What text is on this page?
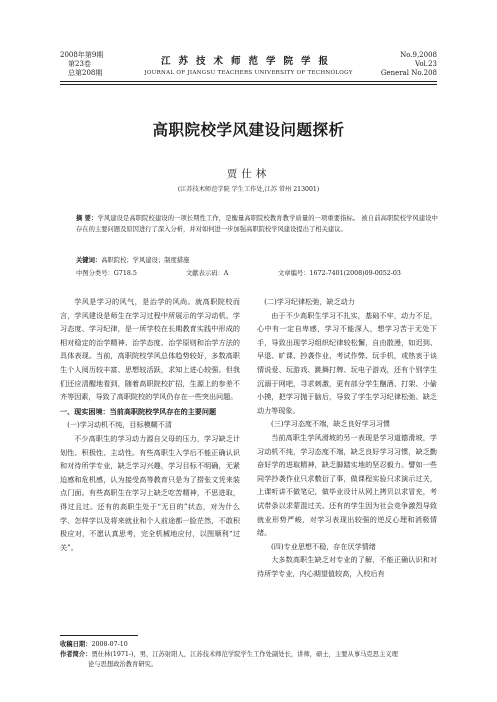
2008年第9期
第23卷
总第208期
江苏技术师范学院学报
JOURNAL OF JIANGSU TEACHERS UNIVERSITY OF TECHNOLOGY
No.9,2008
Vol.23
General No.208
高职院校学风建设问题探析
贾仕林
(江苏技术师范学院 学生工作处,江苏 常州 213001)
摘 要：学风建设是高职院校建设的一项长期性工作，是衡量高职院校教育教学质量的一项重要指标。 被自前高职院校学风建设中存在的主要问题及原因进行了深入分析，并对如何进一步加强高职院校学风建设提出了相关建议。
关键词：高职院校；学风建设；制度措施
中图分类号：G718.5	文献表示码：A	文章编号：1672-7401(2008)09-0052-03

学风是学习的风气，是治学的风尚。就高职院校而言，学风建设是师生在学习过程中所展示的学习动机、学习态度、学习纪律，是一所学校在长期教育实践中形成的相对稳定的治学精神、治学态度、治学原则和治学方法的具体表现。当前，高职院校学风总体趋势较好，多数高职生个人阅历较丰富、思想较活跃，求知上进心较强。但我们还应清醒地看到，随着高职院校扩招，生源上的参差不齐等因素，导致了高职院校的学风仍存在一些突出问题。

一、现实困境：当前高职院校学风存在的主要问题
(一)学习动机不纯，目标模糊不清

不少高职生的学习动力源自父母的压力，学习缺乏计划性、积极性、主动性。有些高职生入学后不能正确认识和对待所学专业，缺乏学习兴趣，学习目标不明确，无紧迫感和危机感，认为接受高等教育只是为了捞张文凭来装点门面。有些高职生在学习上缺乏吃苦精神，不思进取，得过且过。还有的高职生处于“无目的”状态，对为什么学、怎样学以及将来就业和个人前途都一脸茫然，不敢积极应对，不愿认真思考，完全机械地应付，以图顺利“过关”。

(二)学习纪律松弛，缺乏动力

由于不少高职生学习不扎实，基础不牢，动力不足，心中有一定自卑感，学习不能深入，想学习苦于无处下手，导致出现学习组织纪律较松懈，自由散漫，如迟到、早退、旷课、抄袭作业、考试作弊、玩手机，或热衷于谈情说爱、玩游戏、跳舞打牌、玩电子游戏，还有个别学生沉溺于网吧，寻求刺激，更有部分学生酗酒、打架、小偷小摸，把学习抛于脑后，导致了学生学习纪律松弛、缺乏动力等现象。

(三)学习态度不端，缺乏良好学习习惯

当前高职生学风滑坡的另一表现是学习道德滑坡，学习动机不纯，学习态度不端，缺乏良好学习习惯，缺乏勤奋好学的进取精神，缺乏脚踏实地的坚忍毅力。譬如一些同学抄袭作业只求敷衍了事，做课程实验只求演示过关，上课听讲不做笔记，做毕业设计从网上拷贝以求冒充，考试带条以求蒙混过关。还有的学生因为社会竞争激烈导致就业形势严峻，对学习表现出较强的逆反心理和消极情绪。

(四)专业思想不稳，存在厌学情绪

大多数高职生缺乏对专业的了解，不能正确认识和对待所学专业，内心期望值较高，入校后有

收稿日期：2008-07-10
作者简介：贾仕林(1971-)，男，江苏射阳人，江苏技术师范学院学生工作处副处长，讲师，硕士，主要从事马克思主义理
论与思想政治教育研究。
